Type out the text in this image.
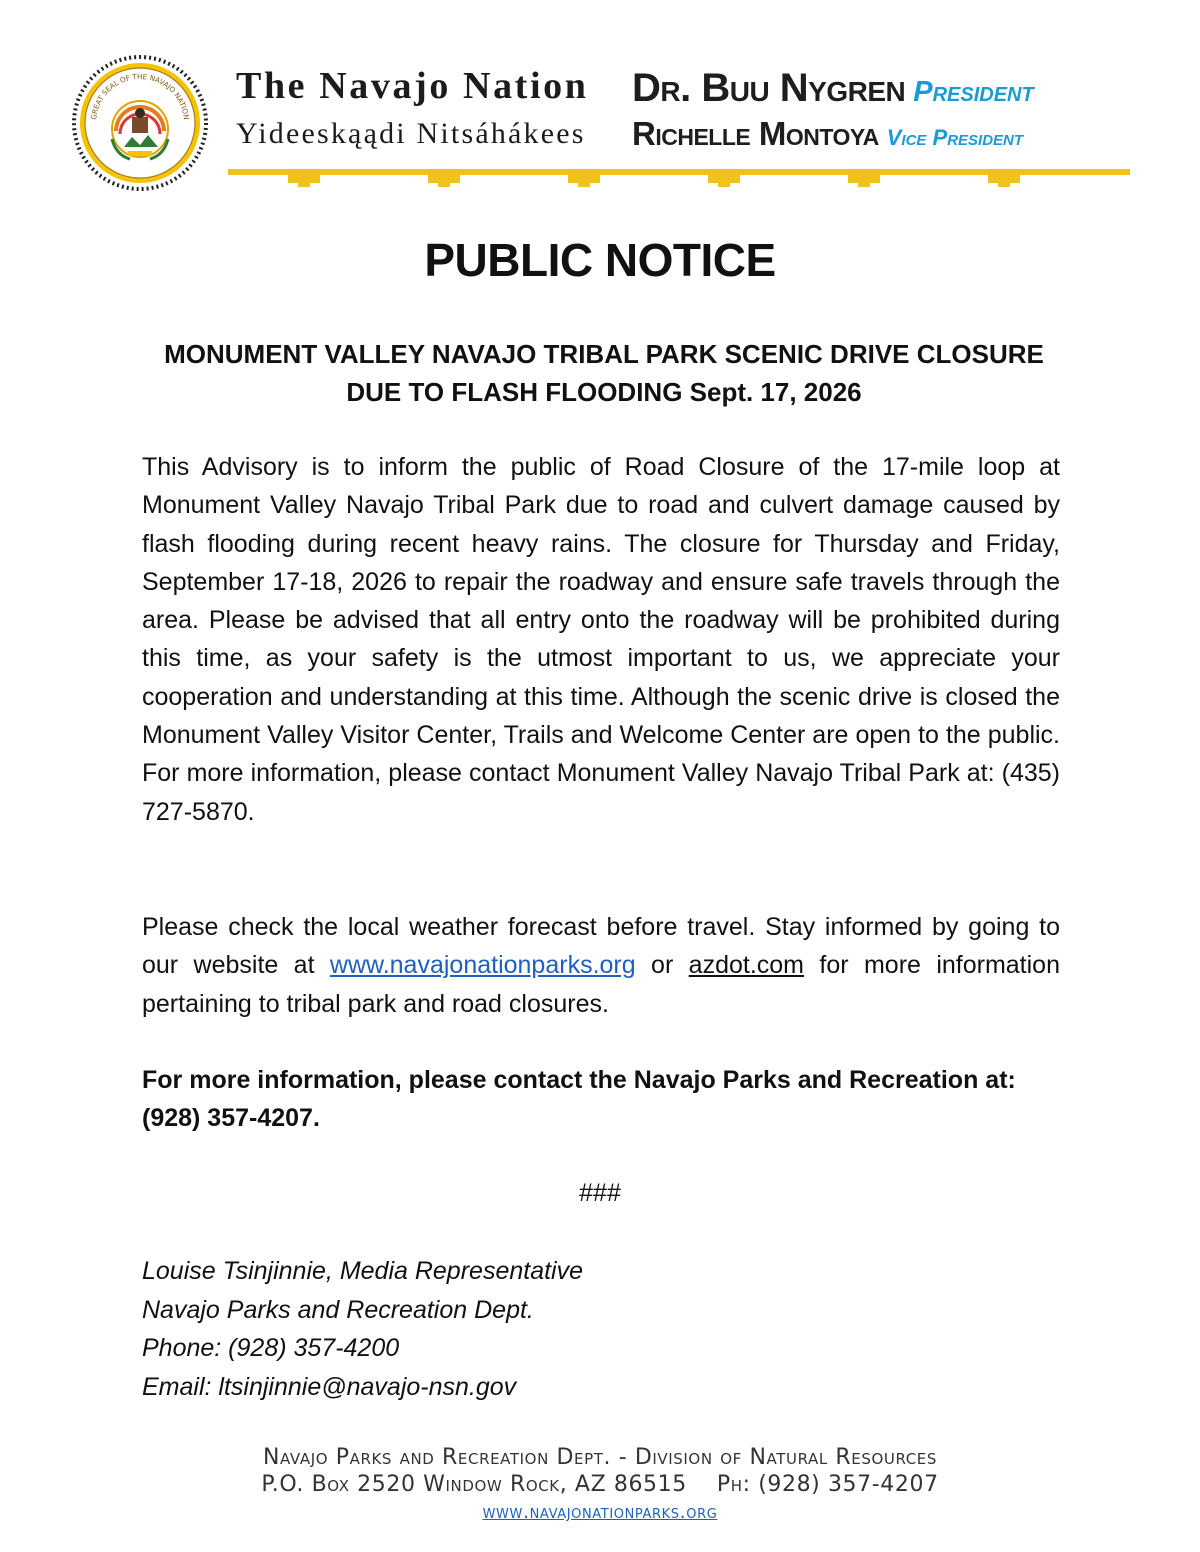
GREAT SEAL OF THE NAVAJO NATION
The Navajo Nation
Yideeskąądi Nitsáhákees
Dr. Buu Nygren President
Richelle Montoya Vice President
PUBLIC NOTICE
MONUMENT VALLEY NAVAJO TRIBAL PARK SCENIC DRIVE CLOSURE
DUE TO FLASH FLOODING Sept. 17, 2026

This Advisory is to inform the public of Road Closure of the 17-mile loop at Monument Valley Navajo Tribal Park due to road and culvert damage caused by flash flooding during recent heavy rains. The closure for Thursday and Friday, September 17-18, 2026 to repair the roadway and ensure safe travels through the area. Please be advised that all entry onto the roadway will be prohibited during this time, as your safety is the utmost important to us, we appreciate your cooperation and understanding at this time. Although the scenic drive is closed the Monument Valley Visitor Center, Trails and Welcome Center are open to the public. For more information, please contact Monument Valley Navajo Tribal Park at: (435) 727-5870.

Please check the local weather forecast before travel. Stay informed by going to our website at www.navajonationparks.org or azdot.com for more information pertaining to tribal park and road closures.

For more information, please contact the Navajo Parks and Recreation at: (928) 357-4207.

###

Louise Tsinjinnie, Media Representative
Navajo Parks and Recreation Dept.
Phone: (928) 357-4200
Email: ltsinjinnie@navajo-nsn.gov
Navajo Parks and Recreation Dept. - Division of Natural Resources
P.O. Box 2520 Window Rock, AZ 86515 Ph: (928) 357-4207
www.navajonationparks.org
